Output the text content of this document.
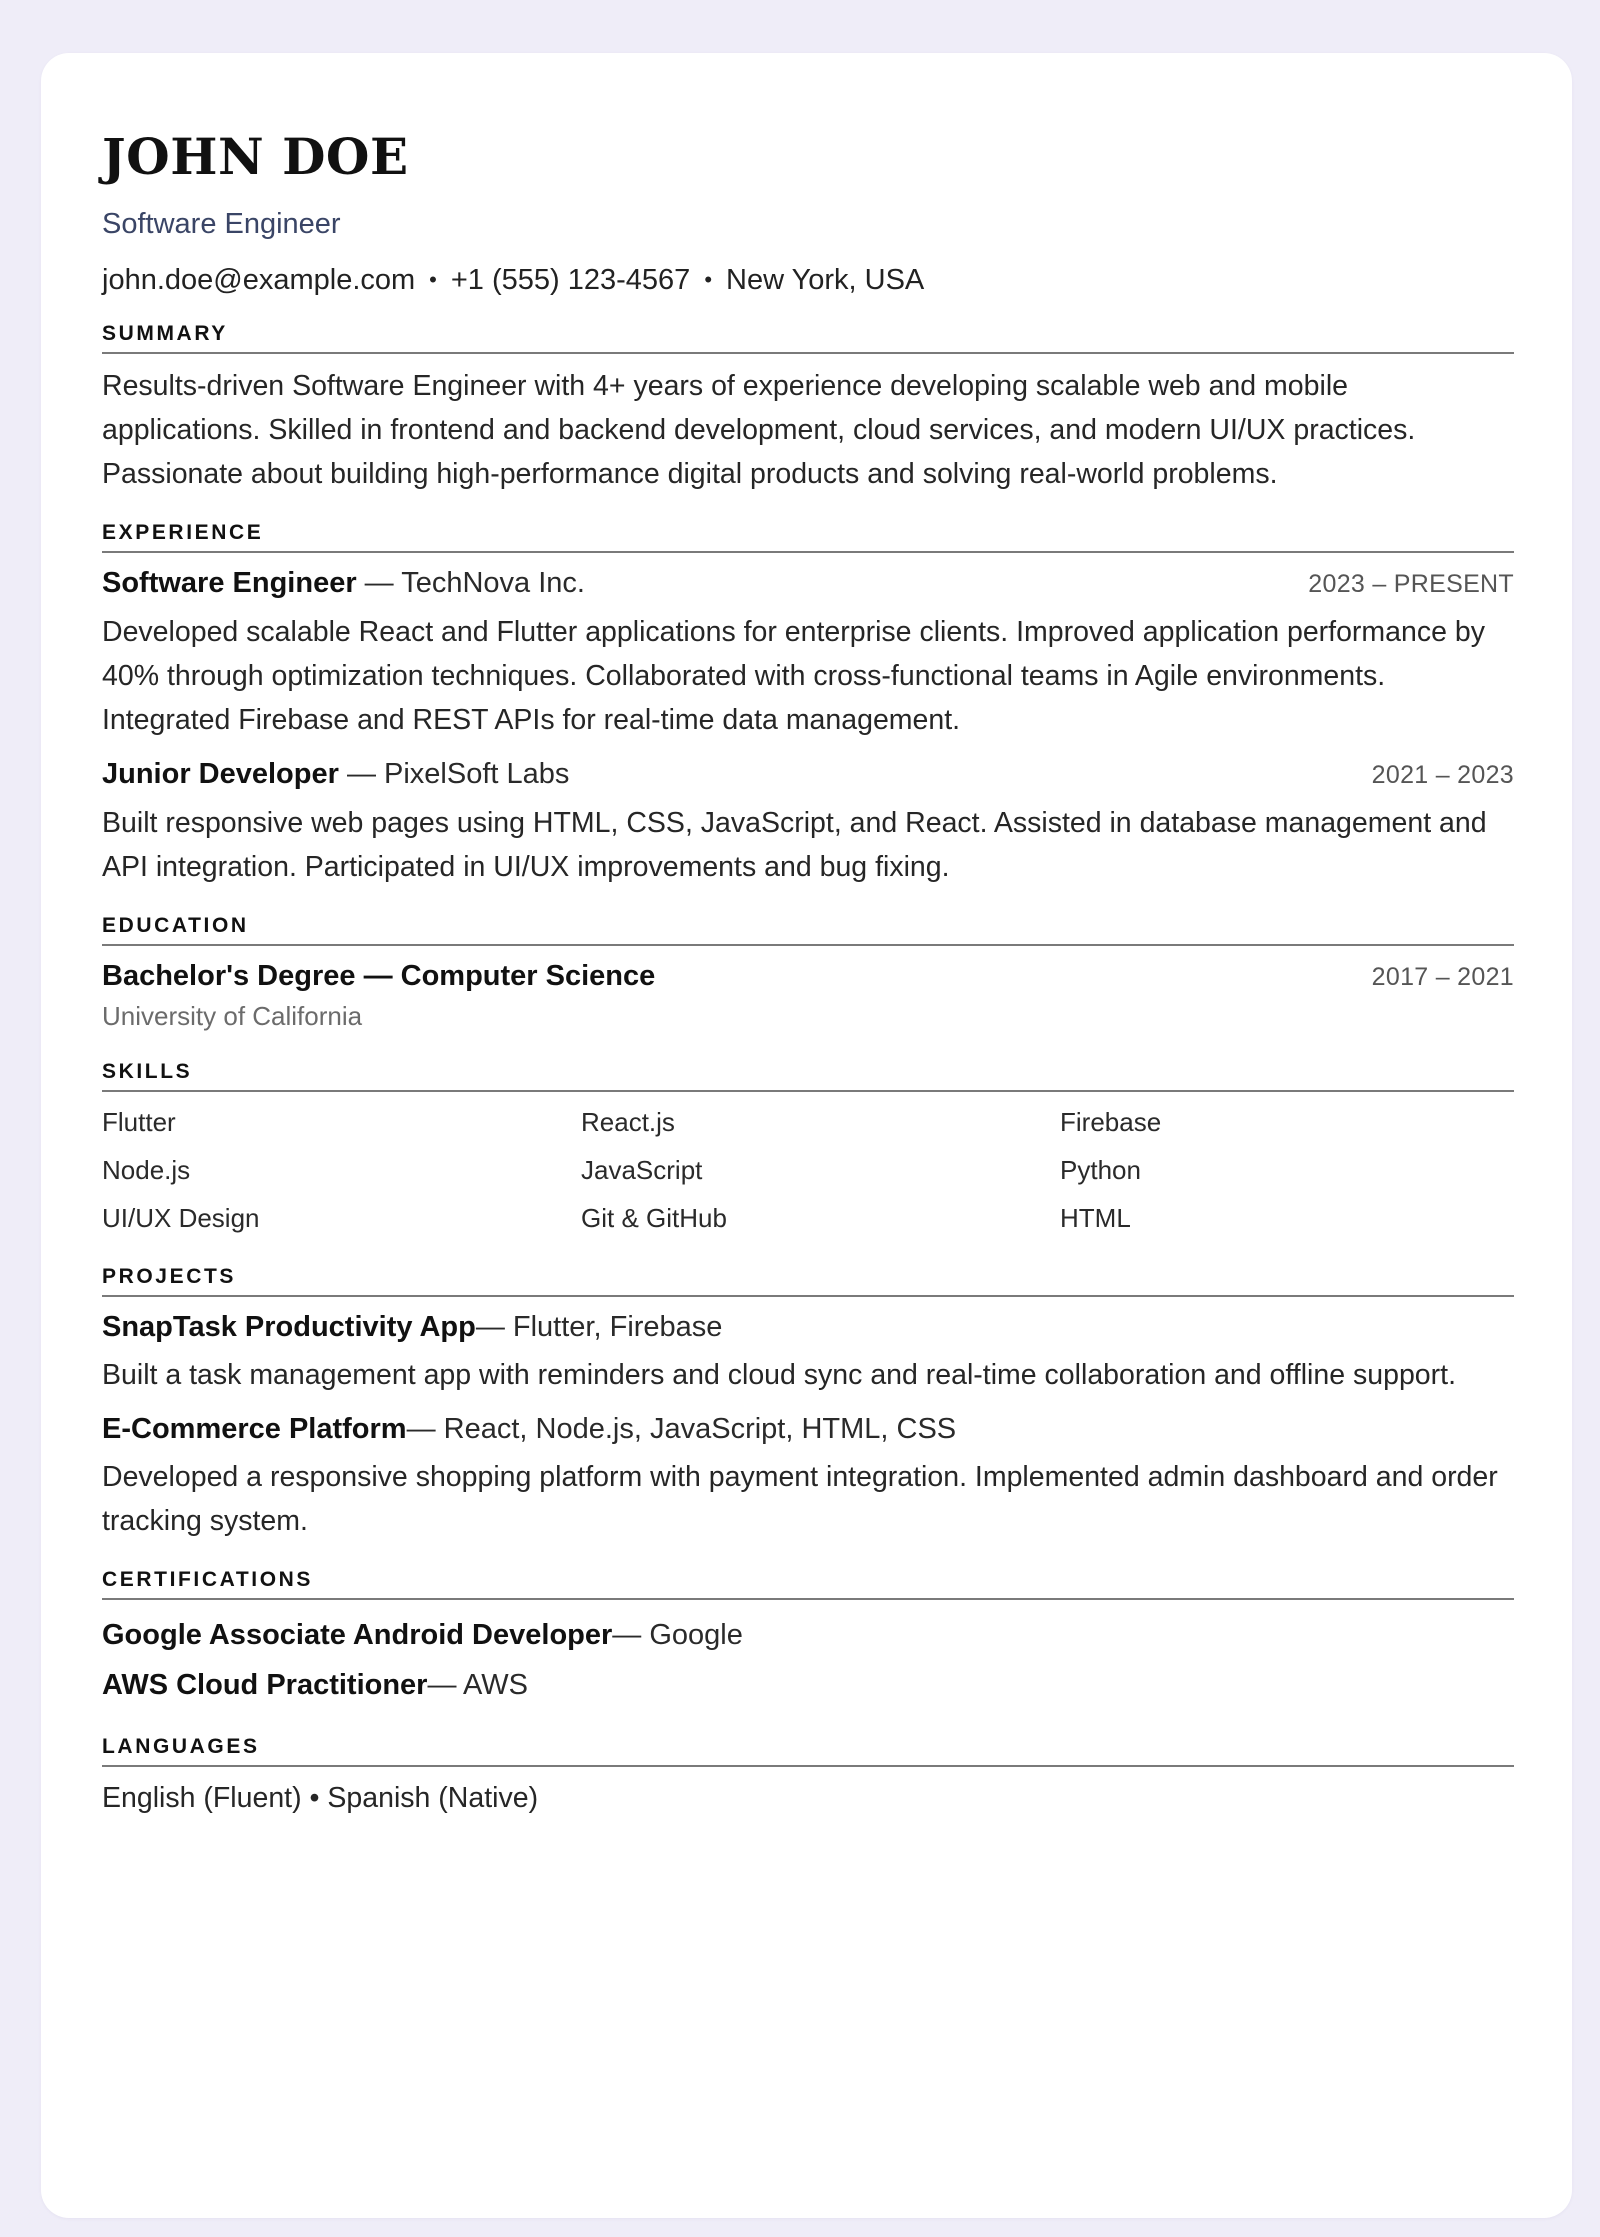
JOHN DOE
Software Engineer
john.doe@example.com • +1 (555) 123-4567 • New York, USA
SUMMARY

Results-driven Software Engineer with 4+ years of experience developing scalable web and mobile applications. Skilled in frontend and backend development, cloud services, and modern UI/UX practices. Passionate about building high-performance digital products and solving real-world problems.

EXPERIENCE
Software Engineer — TechNova Inc.	2023 – PRESENT

Developed scalable React and Flutter applications for enterprise clients. Improved application performance by 40% through optimization techniques. Collaborated with cross-functional teams in Agile environments. Integrated Firebase and REST APIs for real-time data management.

Junior Developer — PixelSoft Labs	2021 – 2023

Built responsive web pages using HTML, CSS, JavaScript, and React. Assisted in database management and API integration. Participated in UI/UX improvements and bug fixing.

EDUCATION
Bachelor's Degree — Computer Science	2017 – 2021
University of California
SKILLS
Flutter	React.js	Firebase
Node.js	JavaScript	Python
UI/UX Design	Git & GitHub	HTML
PROJECTS
SnapTask Productivity App— Flutter, Firebase

Built a task management app with reminders and cloud sync and real-time collaboration and offline support.

E-Commerce Platform— React, Node.js, JavaScript, HTML, CSS

Developed a responsive shopping platform with payment integration. Implemented admin dashboard and order tracking system.

CERTIFICATIONS
Google Associate Android Developer— Google
AWS Cloud Practitioner— AWS
LANGUAGES
English (Fluent) • Spanish (Native)
